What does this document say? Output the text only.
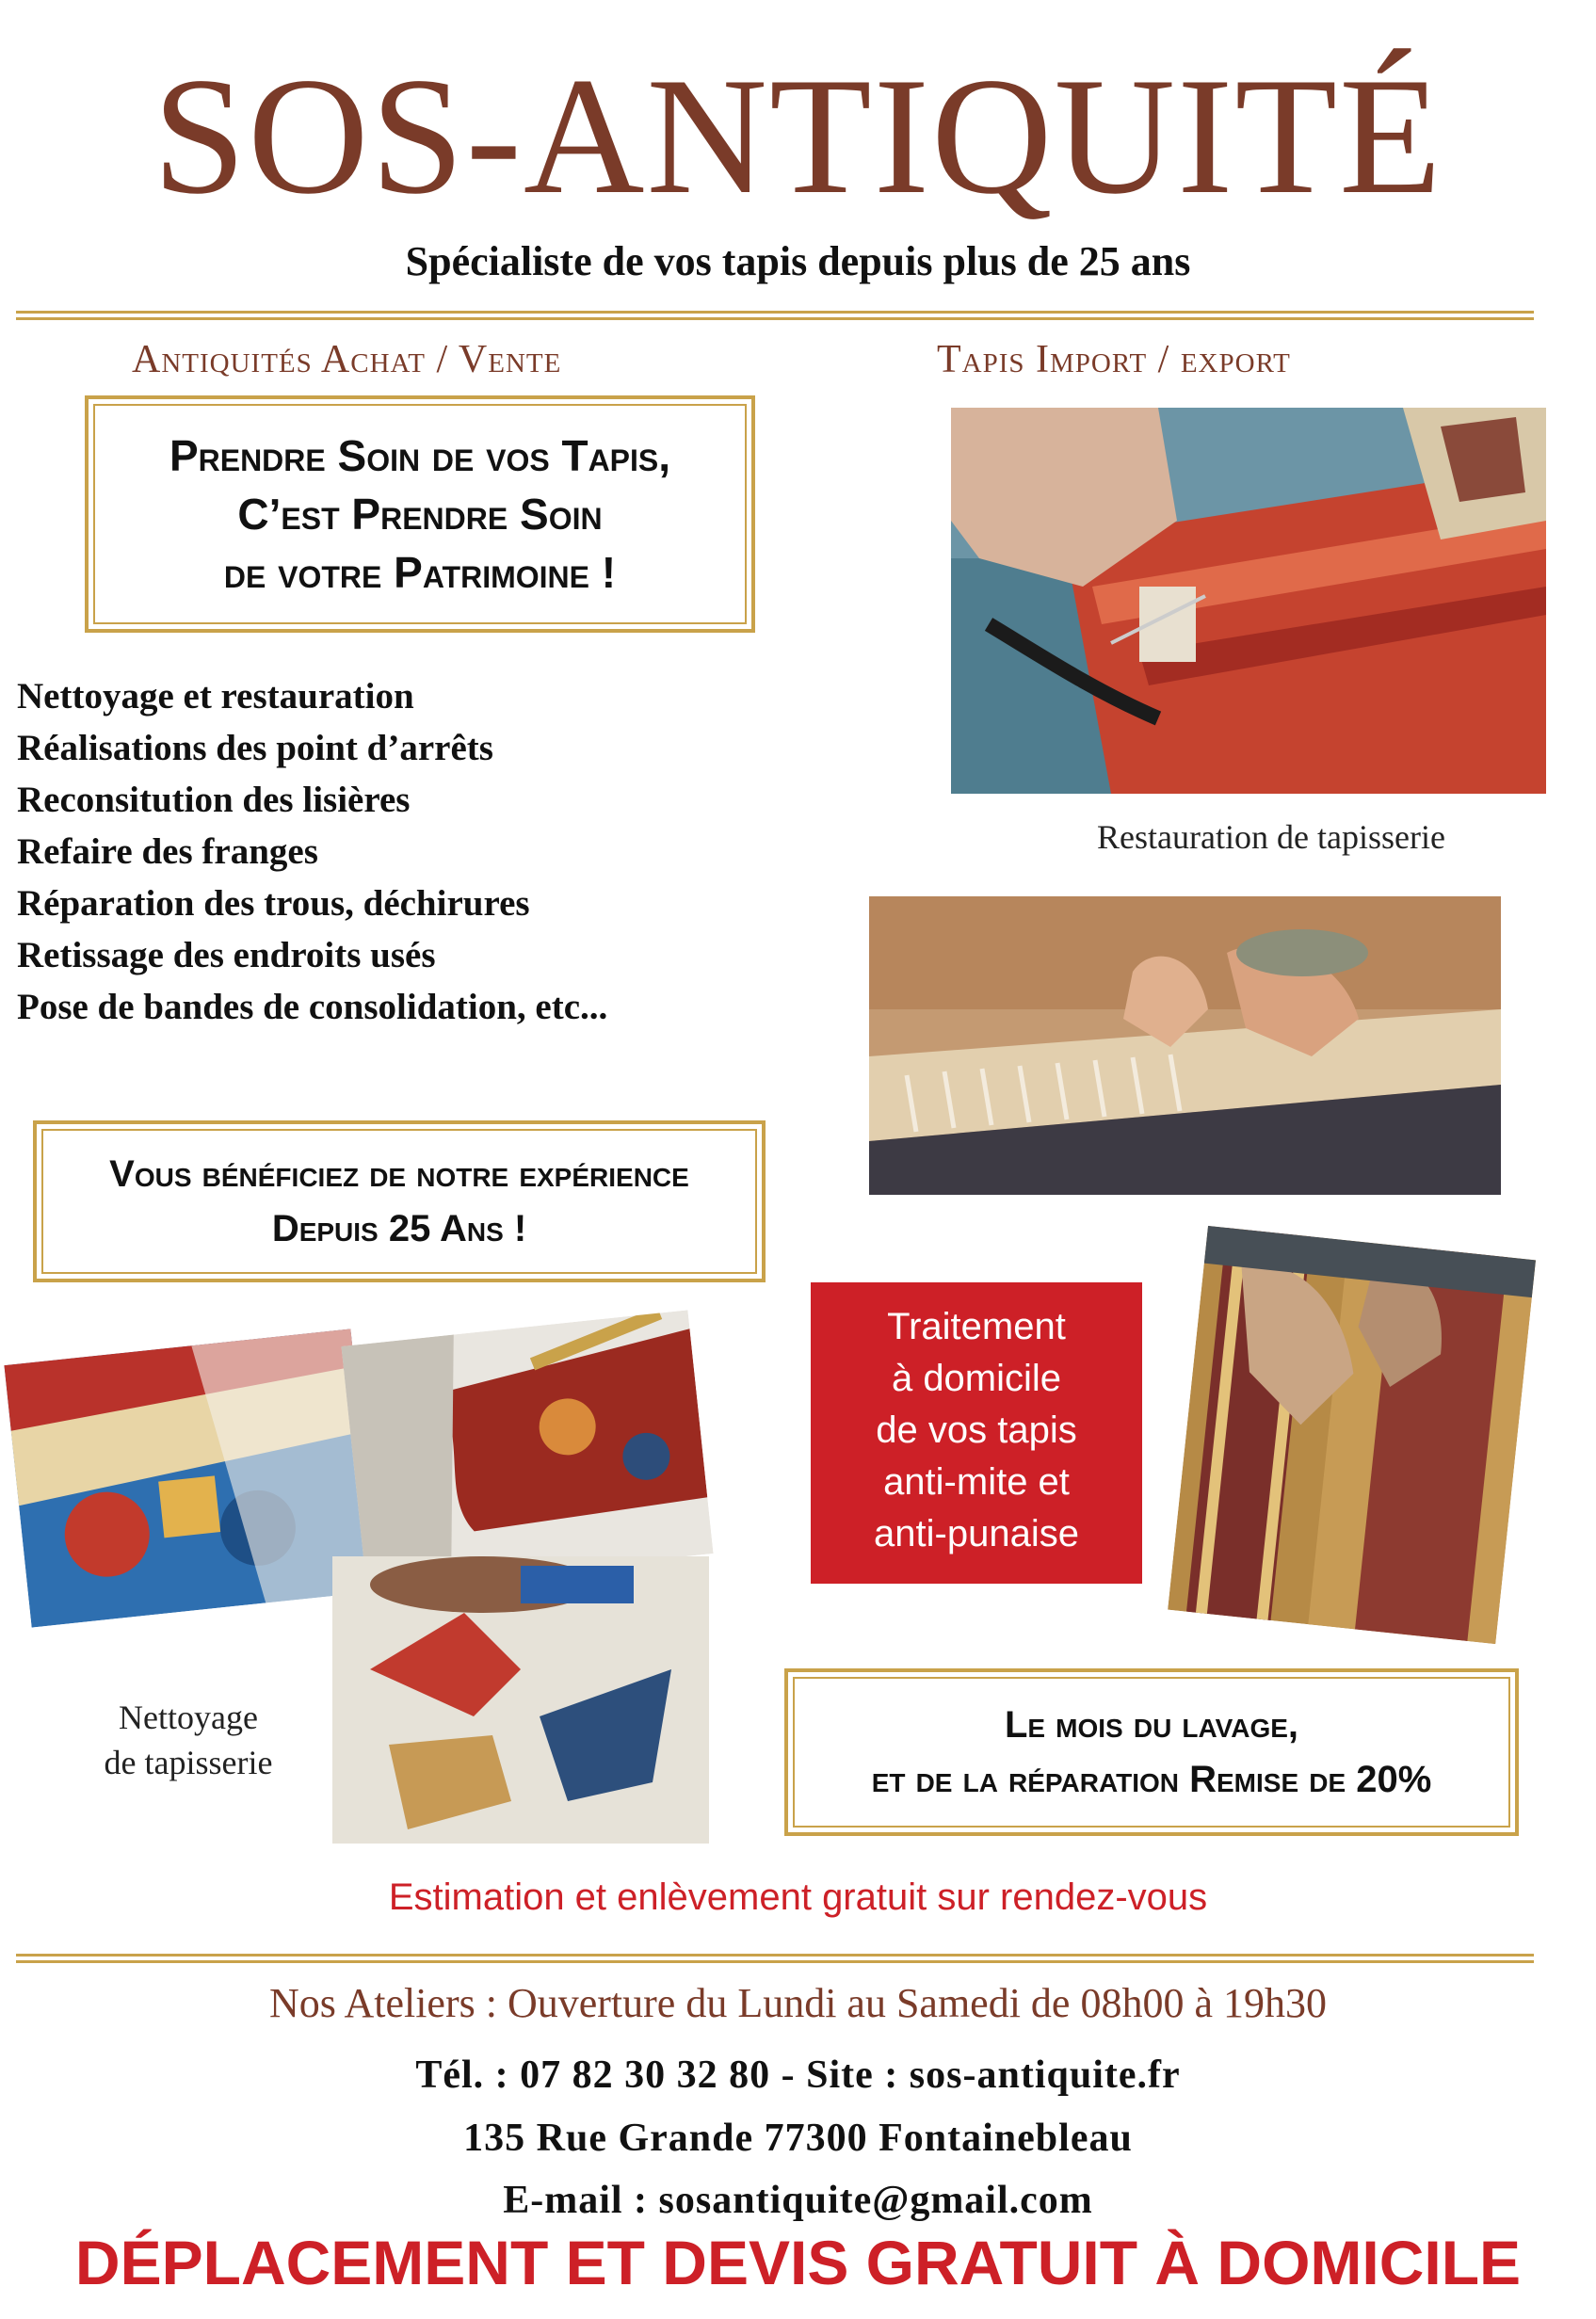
SOS-ANTIQUITÉ
Spécialiste de vos tapis depuis plus de 25 ans
Antiquités Achat / Vente	Tapis Import / export
Prendre Soin de vos Tapis,
C’est Prendre Soin
de votre Patrimoine !
Nettoyage et restauration
Réalisations des point d’arrêts
Reconsitution des lisières
Refaire des franges
Réparation des trous, déchirures
Retissage des endroits usés
Pose de bandes de consolidation, etc...
Restauration de tapisserie
Vous bénéficiez de notre expérience
Depuis 25 Ans !
Traitement
à domicile
de vos tapis
anti-mite et
anti-punaise
Nettoyage
de tapisserie
Le mois du lavage,
et de la réparation Remise de 20%
Estimation et enlèvement gratuit sur rendez-vous
Nos Ateliers : Ouverture du Lundi au Samedi de 08h00 à 19h30
Tél. : 07 82 30 32 80 - Site : sos-antiquite.fr
135 Rue Grande 77300 Fontainebleau
E-mail : sosantiquite@gmail.com
DÉPLACEMENT ET DEVIS GRATUIT À DOMICILE
